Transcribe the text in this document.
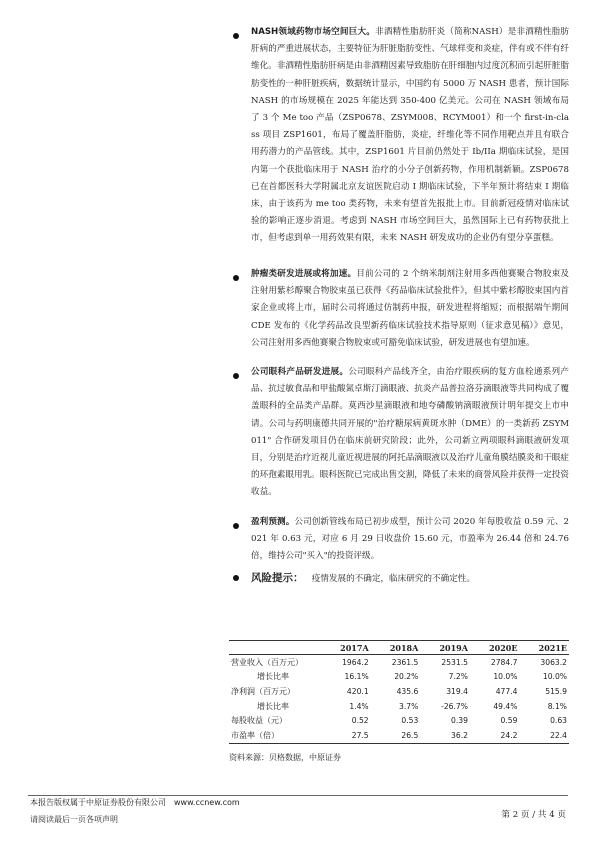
NASH领域药物市场空间巨大。非酒精性脂肪肝炎（简称NASH）是非酒精性脂肪肝病的严重进展状态，主要特征为肝脏脂肪变性、气球样变和炎症，伴有或不伴有纤维化。非酒精性脂肪肝病是由非酒精因素导致脂肪在肝细胞内过度沉积而引起肝脏脂肪变性的一种肝脏疾病，数据统计显示，中国约有 5000 万 NASH 患者，预计国际 NASH 的市场规模在 2025 年能达到 350-400 亿美元。公司在 NASH 领域布局了 3 个 Me too 产品（ZSP0678、ZSYM008、RCYM001）和一个 first-in-class 项目 ZSP1601，布局了覆盖肝脂肪，炎症，纤维化等不同作用靶点并且有联合用药潜力的产品管线。其中，ZSP1601 片目前仍然处于 Ib/IIa 期临床试验，是国内第一个获批临床用于 NASH 治疗的小分子创新药物，作用机制新颖。ZSP0678 已在首都医科大学附属北京友谊医院启动 I 期临床试验，下半年预计将结束 I 期临床，由于该药为 me too 类药物，未来有望首先报批上市。目前新冠疫情对临床试验的影响正逐步消退。考虑到 NASH 市场空间巨大，虽然国际上已有药物获批上市，但考虑到单一用药效果有限，未来 NASH 研发成功的企业仍有望分享蛋糕。
肿瘤类研发进展或将加速。目前公司的 2 个纳米制剂注射用多西他赛聚合物胶束及注射用紫杉醇聚合物胶束虽已获得《药品临床试验批件》，但其中紫杉醇胶束国内首家企业或将上市，届时公司将通过仿制药申报，研发进程将缩短；而根据端午期间 CDE 发布的《化学药品改良型新药临床试验技术指导原则（征求意见稿）》意见，公司注射用多西他赛聚合物胶束或可豁免临床试验，研发进展也有望加速。
公司眼科产品研发进展。公司眼科产品线齐全，由治疗眼疾病的复方血栓通系列产品、抗过敏食品和甲盐酸氮卓斯汀滴眼液、抗炎产品普拉洛芬滴眼液等共同构成了覆盖眼科的全品类产品群。莫西沙星滴眼液和地夸磷酸钠滴眼液预计明年提交上市申请。公司与药明康德共同开展的"治疗糖尿病黄斑水肿（DME）的一类新药 ZSYM011" 合作研发项目仍在临床前研究阶段；此外，公司新立两项眼科滴眼液研发项目，分别是治疗近视儿童近视进展的阿托品滴眼液以及治疗儿童角膜结膜炎和干眼症的环孢素眼用乳。眼科医院已完成出售交割，降低了未来的商誉风险并获得一定投资收益。
盈利预测。公司创新管线布局已初步成型，预计公司 2020 年每股收益 0.59 元、2021 年 0.63 元，对应 6 月 29 日收盘价 15.60 元，市盈率为 26.44 倍和 24.76 倍，维持公司"买入"的投资评级。
风险提示： 疫情发展的不确定，临床研究的不确定性。
	2017A	2018A	2019A	2020E	2021E
营业收入（百万元）	1964.2	2361.5	2531.5	2784.7	3063.2
增长比率	16.1%	20.2%	7.2%	10.0%	10.0%
净利润（百万元）	420.1	435.6	319.4	477.4	515.9
增长比率	1.4%	3.7%	-26.7%	49.4%	8.1%
每股收益（元）	0.52	0.53	0.39	0.59	0.63
市盈率（倍）	27.5	26.5	36.2	24.2	22.4
资料来源：贝格数据，中原证券
本报告版权属于中原证券股份有限公司 www.ccnew.com
请阅读最后一页各项声明	第 2 页 / 共 4 页
